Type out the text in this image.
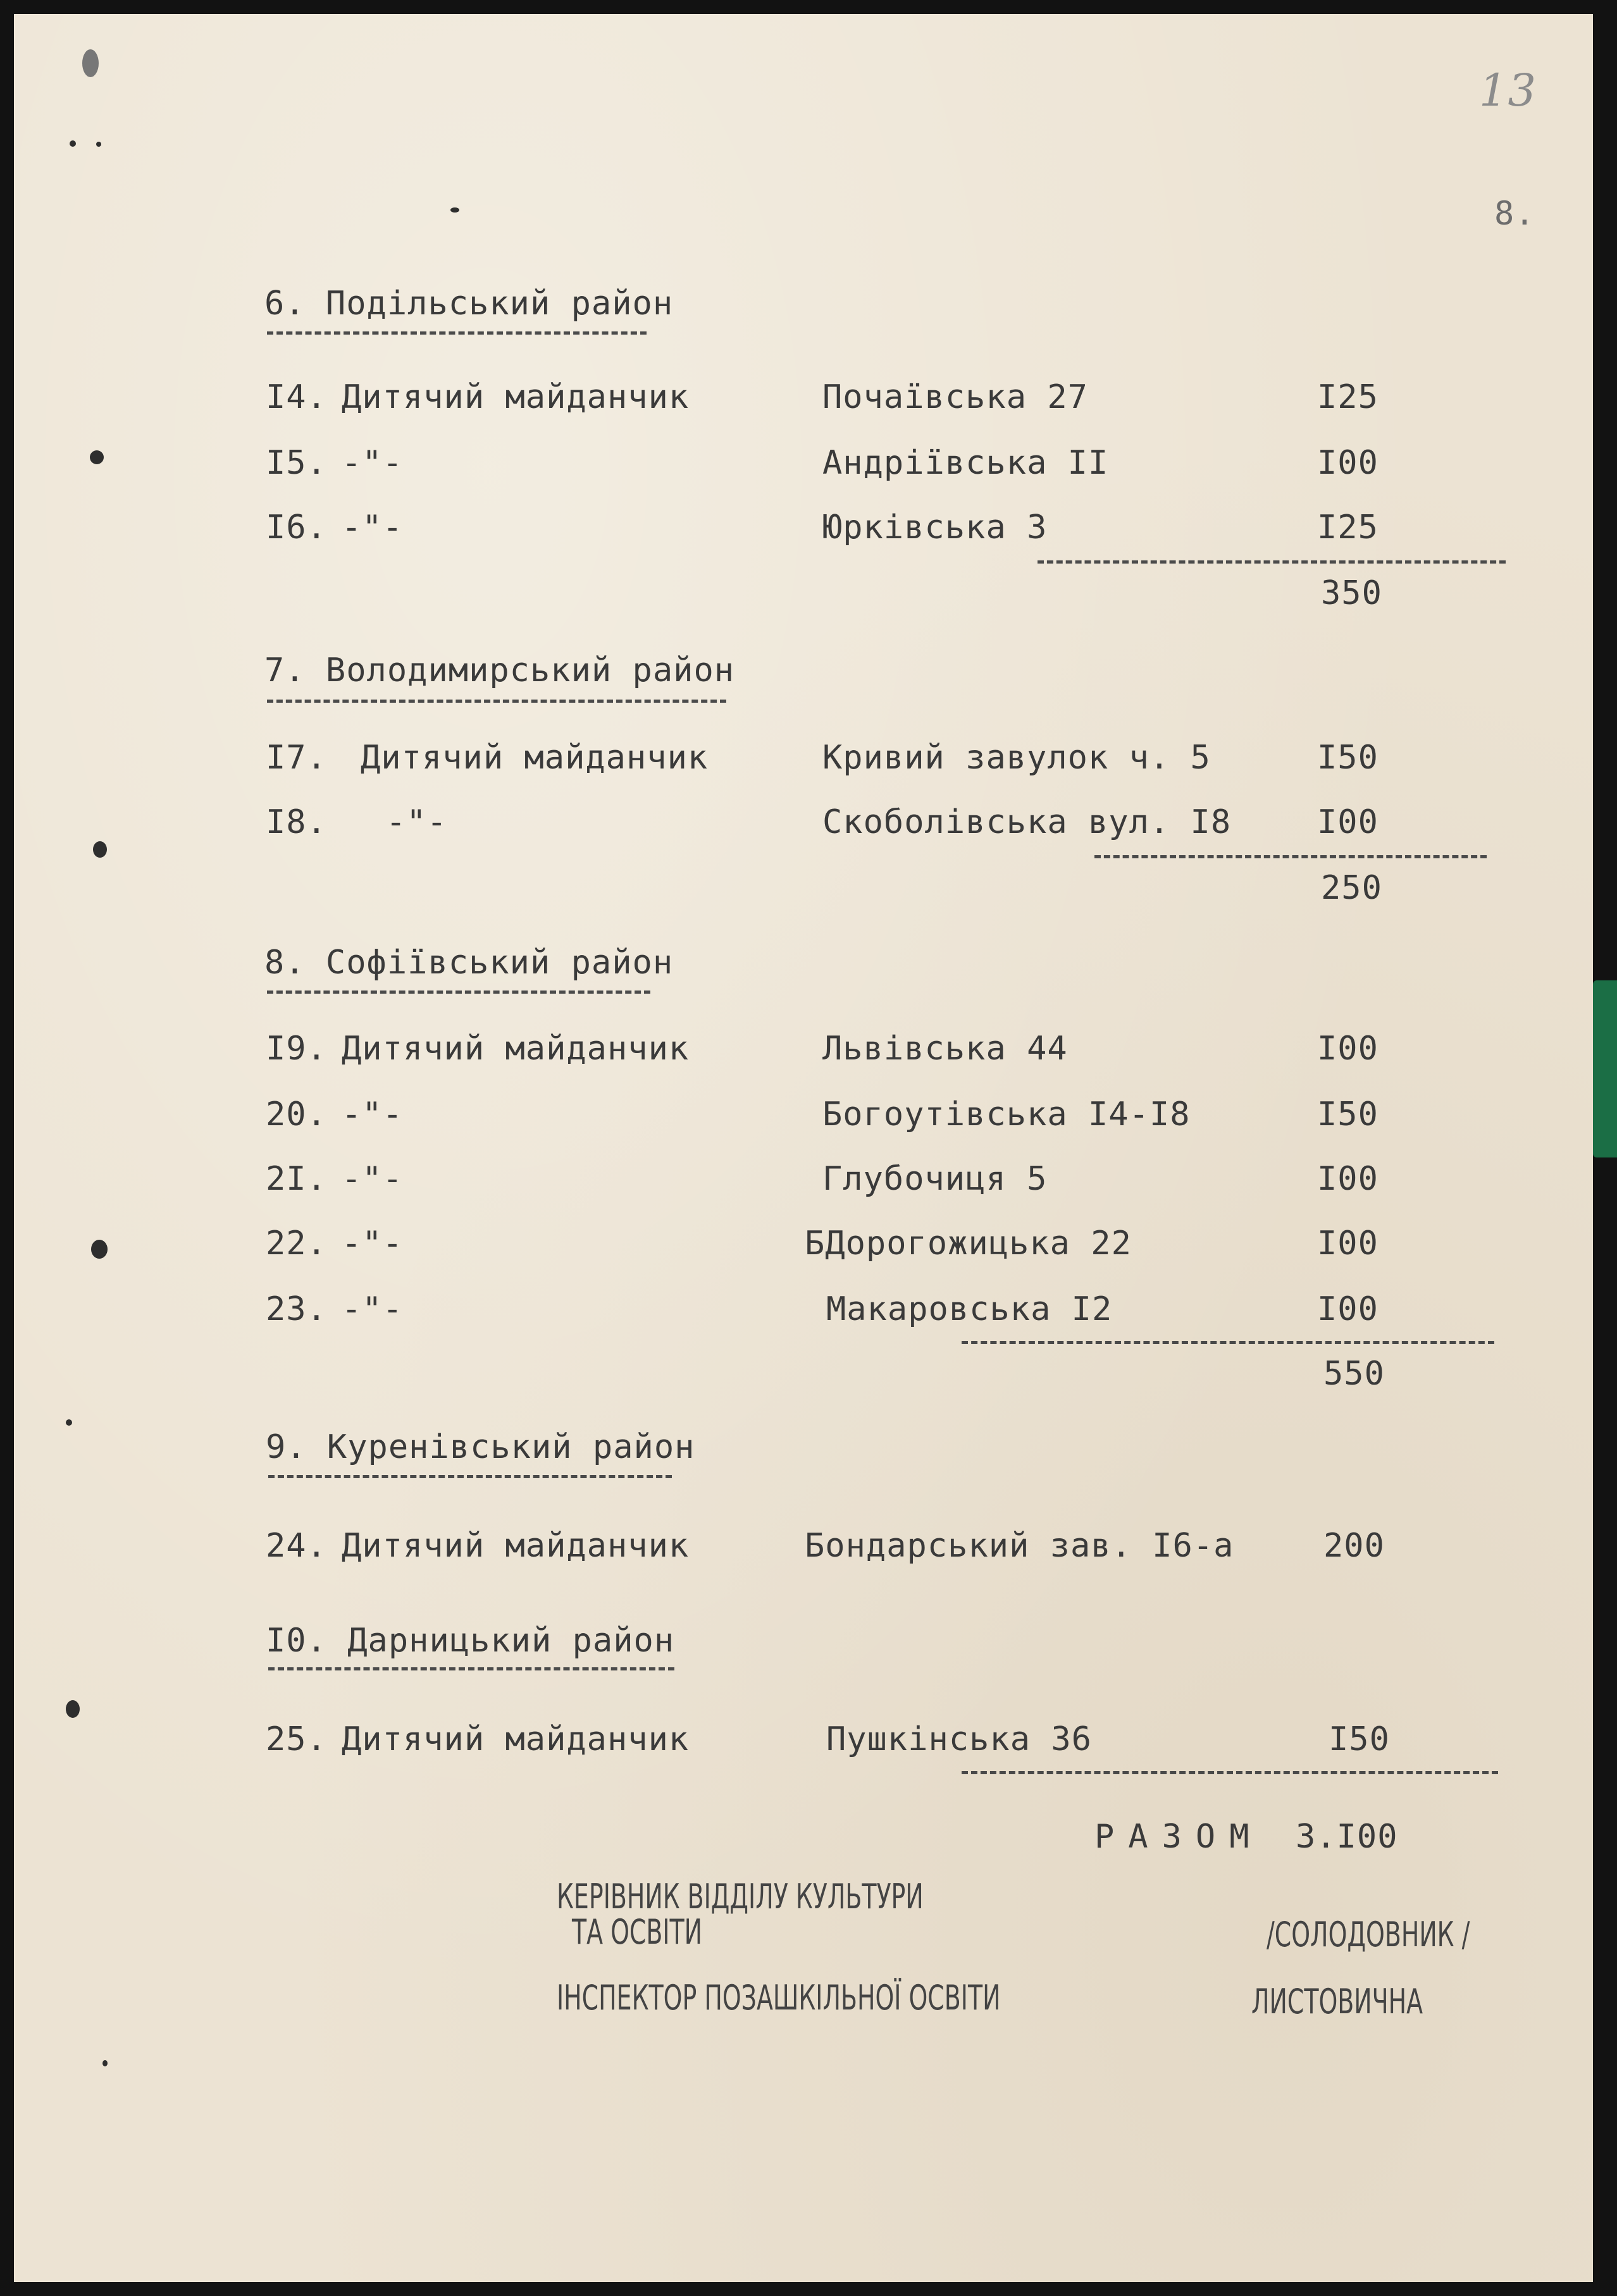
13
8.
6. Подільський район
І4. Дитячий майданчик	Почаївська 27	І25
І5. -"-	Андріївська ІІ	І00
І6. -"-	Юрківська 3	І25
350
7. Володимирський район
І7. Дитячий майданчик	Кривий завулок ч. 5	І50
І8. -"-	Скоболівська вул. І8	І00
250
8. Софіївський район
І9. Дитячий майданчик	Львівська 44	І00
20. -"-	Богоутівська І4-І8	І50
2І. -"-	Глубочиця 5	І00
22. -"-	БДорогожицька 22	І00
23. -"-	Макаровська І2	І00
550
9. Куренівський район
24. Дитячий майданчик	Бондарський зав. І6-а	200
І0. Дарницький район
25. Дитячий майданчик	Пушкінська 36	І50
РАЗОМ 3.І00
КЕРІВНИК ВІДДІЛУ КУЛЬТУРИ
ТА ОСВІТИ	/СОЛОДОВНИК /
ІНСПЕКТОР ПОЗАШКІЛЬНОЇ ОСВІТИ	ЛИСТОВИЧНА
